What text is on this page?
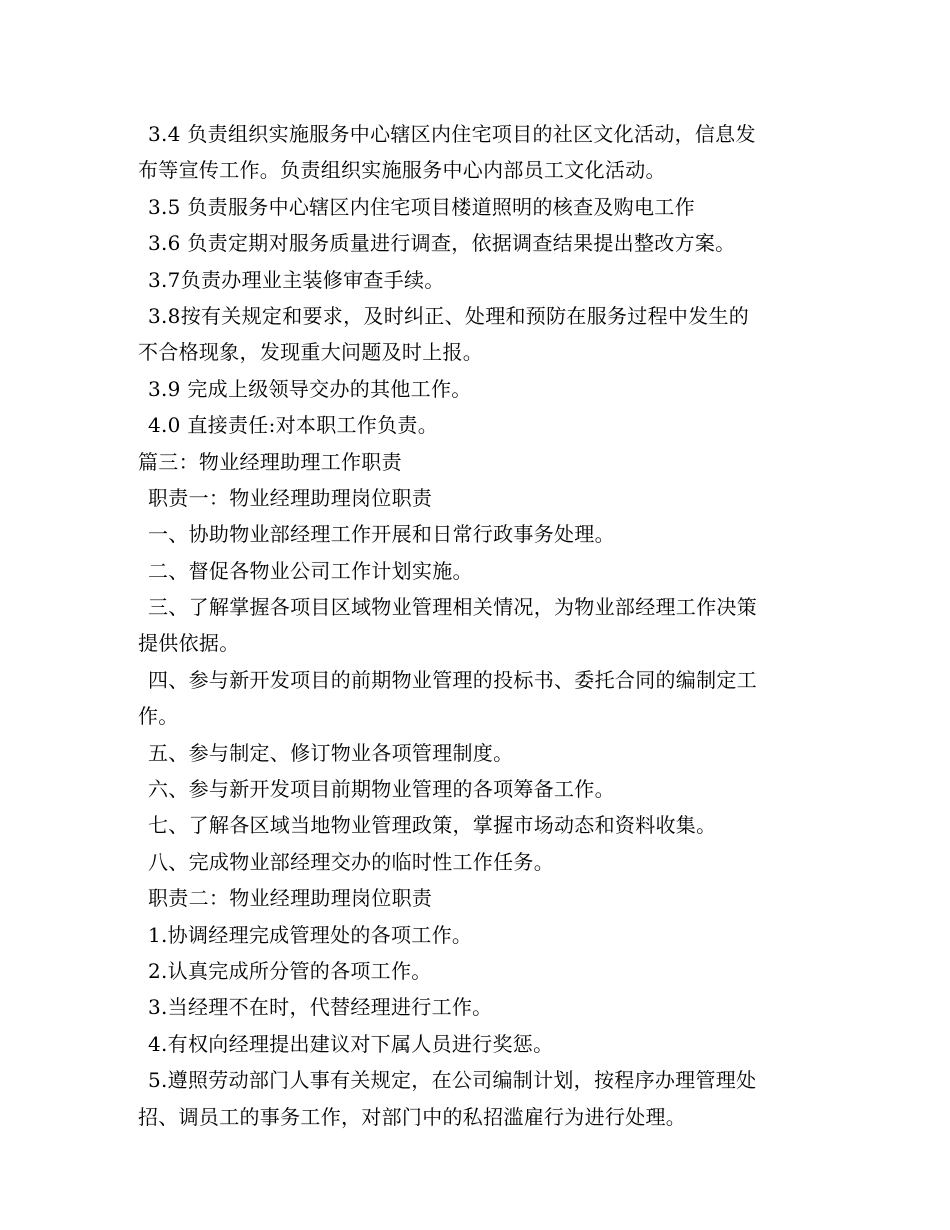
3.4 负责组织实施服务中心辖区内住宅项目的社区文化活动，信息发
布等宣传工作。负责组织实施服务中心内部员工文化活动。
3.5 负责服务中心辖区内住宅项目楼道照明的核查及购电工作
3.6 负责定期对服务质量进行调查，依据调查结果提出整改方案。
3.7负责办理业主装修审查手续。
3.8按有关规定和要求，及时纠正、处理和预防在服务过程中发生的
不合格现象，发现重大问题及时上报。
3.9 完成上级领导交办的其他工作。
4.0 直接责任:对本职工作负责。
篇三：物业经理助理工作职责
职责一：物业经理助理岗位职责
一、协助物业部经理工作开展和日常行政事务处理。
二、督促各物业公司工作计划实施。
三、了解掌握各项目区域物业管理相关情况，为物业部经理工作决策
提供依据。
四、参与新开发项目的前期物业管理的投标书、委托合同的编制定工
作。
五、参与制定、修订物业各项管理制度。
六、参与新开发项目前期物业管理的各项筹备工作。
七、了解各区域当地物业管理政策，掌握市场动态和资料收集。
八、完成物业部经理交办的临时性工作任务。
职责二：物业经理助理岗位职责
1.协调经理完成管理处的各项工作。
2.认真完成所分管的各项工作。
3.当经理不在时，代替经理进行工作。
4.有权向经理提出建议对下属人员进行奖惩。
5.遵照劳动部门人事有关规定，在公司编制计划，按程序办理管理处
招、调员工的事务工作，对部门中的私招滥雇行为进行处理。
